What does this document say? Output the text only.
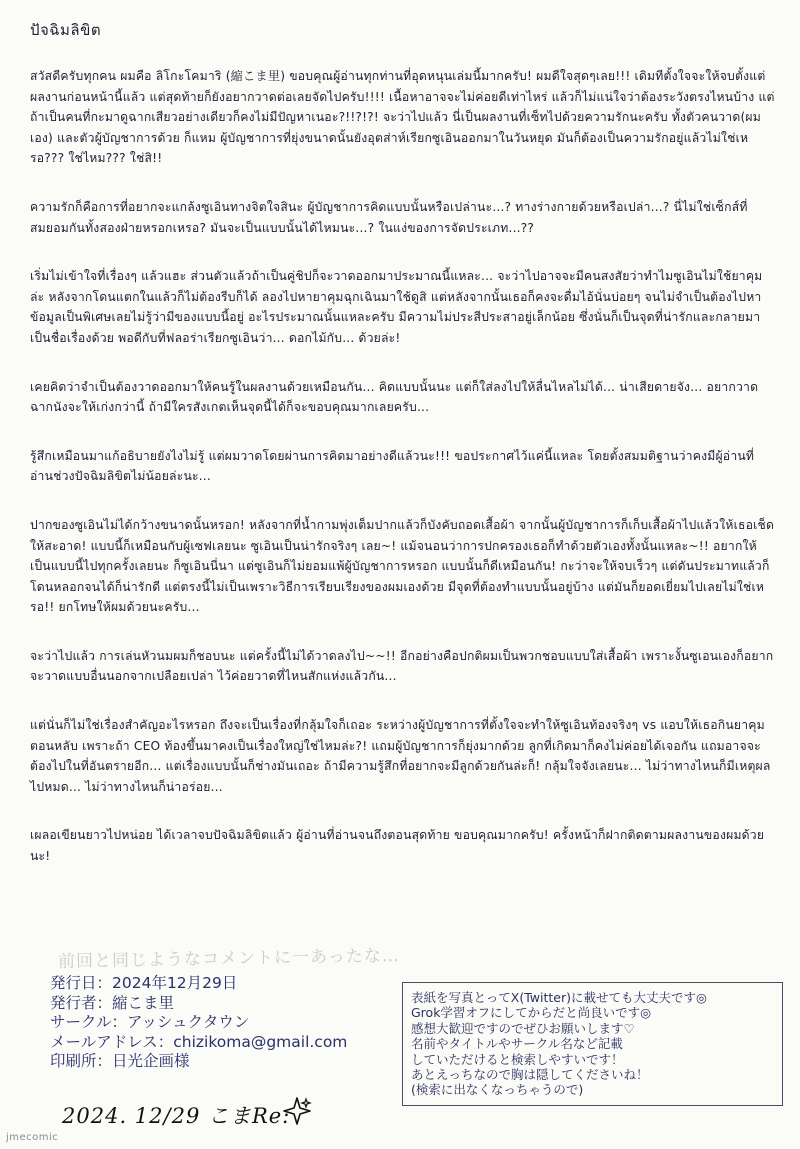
ปัจฉิมลิขิต

สวัสดีครับทุกคน ผมคือ ลิโกะโคมาริ (縮こま里) ขอบคุณผู้อ่านทุกท่านที่อุดหนุนเล่มนี้มากครับ! ผมดีใจสุดๆเลย!!! เดิมทีตั้งใจจะให้จบตั้งแต่ผลงานก่อนหน้านี้แล้ว แต่สุดท้ายก็ยังอยากวาดต่อเลยจัดไปครับ!!!! เนื้อหาอาจจะไม่ค่อยดีเท่าไหร่ แล้วก็ไม่แน่ใจว่าต้องระวังตรงไหนบ้าง แต่ถ้าเป็นคนที่กะมาดูฉากเสียวอย่างเดียวก็คงไม่มีปัญหาเนอะ?!!?!?! จะว่าไปแล้ว นี่เป็นผลงานที่เซ็ทไปด้วยความรักนะครับ ทั้งตัวคนวาด(ผมเอง) และตัวผู้บัญชาการด้วย ก็แหม ผู้บัญชาการที่ยุ่งขนาดนั้นยังอุตส่าห์เรียกซูเอินออกมาในวันหยุด มันก็ต้องเป็นความรักอยู่แล้วไม่ใช่เหรอ??? ใช่ไหม??? ใช่สิ!!

ความรักก็คือการที่อยากจะแกล้งซูเอินทางจิตใจสินะ ผู้บัญชาการคิดแบบนั้นหรือเปล่านะ...? ทางร่างกายด้วยหรือเปล่า...? นี่ไม่ใช่เซ็กส์ที่สมยอมกันทั้งสองฝ่ายหรอกเหรอ? มันจะเป็นแบบนั้นได้ไหมนะ...? ในแง่ของการจัดประเภท...??

เริ่มไม่เข้าใจที่เรื่องๆ แล้วแฮะ ส่วนตัวแล้วถ้าเป็นคู่ชิปก็จะวาดออกมาประมาณนี้แหละ... จะว่าไปอาจจะมีคนสงสัยว่าทำไมซูเอินไม่ใช้ยาคุมล่ะ หลังจากโดนแตกในแล้วก็ไม่ต้องรีบก็ได้ ลองไปหายาคุมฉุกเฉินมาใช้ดูสิ แต่หลังจากนั้นเธอก็คงจะดื่มไอ้นั่นบ่อยๆ จนไม่จำเป็นต้องไปหาข้อมูลเป็นพิเศษเลยไม่รู้ว่ามีของแบบนี้อยู่ อะไรประมาณนั้นแหละครับ มีความไม่ประสีประสาอยู่เล็กน้อย ซึ่งนั่นก็เป็นจุดที่น่ารักและกลายมาเป็นชื่อเรื่องด้วย พอดีกับที่ฟลอร่าเรียกซูเอินว่า... ดอกไม้กับ... ด้วยล่ะ!

เคยคิดว่าจำเป็นต้องวาดออกมาให้คนรู้ในผลงานด้วยเหมือนกัน... คิดแบบนั้นนะ แต่ก็ใส่ลงไปให้ลื่นไหลไม่ได้... น่าเสียดายจัง... อยากวาดฉากนังจะให้เก่งกว่านี้ ถ้ามีใครสังเกตเห็นจุดนี้ได้ก็จะขอบคุณมากเลยครับ...

รู้สึกเหมือนมาแก้อธิบายยังไงไม่รู้ แต่ผมวาดโดยผ่านการคิดมาอย่างดีแล้วนะ!!! ขอประกาศไว้แค่นี้แหละ โดยตั้งสมมติฐานว่าคงมีผู้อ่านที่อ่านช่วงปัจฉิมลิขิตไม่น้อยล่ะนะ...

ปากของซูเอินไม่ได้กว้างขนาดนั้นหรอก! หลังจากที่น้ำกามพุ่งเต็มปากแล้วก็บังคับถอดเสื้อผ้า จากนั้นผู้บัญชาการก็เก็บเสื้อผ้าไปแล้วให้เธอเช็ดให้สะอาด! แบบนี้ก็เหมือนกับผู้เซฟเลยนะ ซูเอินเป็นน่ารักจริงๆ เลย~! แม้จนอนว่าการปกครองเธอก็ทำด้วยตัวเองทั้งนั้นแหละ~!! อยากให้เป็นแบบนี้ไปทุกครั้งเลยนะ ก็ซูเอินนี่นา แต่ซูเอินก็ไม่ยอมแพ้ผู้บัญชาการหรอก แบบนั้นก็ดีเหมือนกัน! กะว่าจะให้จบเร็วๆ แต่ดันประมาทแล้วก็โดนหลอกจนได้ก็น่ารักดี แต่ตรงนี้ไม่เป็นเพราะวิธีการเรียบเรียงของผมเองด้วย มีจุดที่ต้องทำแบบนั้นอยู่บ้าง แต่มันก็ยอดเยี่ยมไปเลยไม่ใช่เหรอ!! ยกโทษให้ผมด้วยนะครับ...

จะว่าไปแล้ว การเล่นหัวนมผมก็ชอบนะ แต่ครั้งนี้ไม่ได้วาดลงไป~~!! อีกอย่างคือปกติผมเป็นพวกชอบแบบใส่เสื้อผ้า เพราะงั้นซูเอนเองก็อยากจะวาดแบบอื่นนอกจากเปลือยเปล่า ไว้ค่อยวาดที่ไหนสักแห่งแล้วกัน...

แต่นั่นก็ไม่ใช่เรื่องสำคัญอะไรหรอก ถึงจะเป็นเรื่องที่กลุ้มใจก็เถอะ ระหว่างผู้บัญชาการที่ตั้งใจจะทำให้ซูเอินท้องจริงๆ vs แอบให้เธอกินยาคุมตอนหลับ เพราะถ้า CEO ท้องขึ้นมาคงเป็นเรื่องใหญ่ใช่ไหมล่ะ?! แถมผู้บัญชาการก็ยุ่งมากด้วย ลูกที่เกิดมาก็คงไม่ค่อยได้เจอกัน แถมอาจจะต้องไปในที่อันตรายอีก... แต่เรื่องแบบนั้นก็ช่างมันเถอะ ถ้ามีความรู้สึกที่อยากจะมีลูกด้วยกันล่ะก็! กลุ้มใจจังเลยนะ... ไม่ว่าทางไหนก็มีเหตุผลไปหมด... ไม่ว่าทางไหนก็น่าอร่อย...

เผลอเขียนยาวไปหน่อย ได้เวลาจบปัจฉิมลิขิตแล้ว ผู้อ่านที่อ่านจนถึงตอนสุดท้าย ขอบคุณมากครับ! ครั้งหน้าก็ฝากติดตามผลงานของผมด้วยนะ!

前回と同じようなコメントに一あったな…
発行日：2024年12月29日
発行者：縮こま里
サークル：アッシュクタウン
メールアドレス：chizikoma@gmail.com
印刷所：日光企画様
表紙を写真とってX(Twitter)に載せても大丈夫です◎
Grok学習オフにしてからだと尚良いです◎
感想大歓迎ですのでぜひお願いします♡
名前やタイトルやサークル名など記載
していただけると検索しやすいです！
あとえっちなので胸は隠してくださいね！
(検索に出なくなっちゃうので)
2024. 12/29 こまRe:
jmecomic
